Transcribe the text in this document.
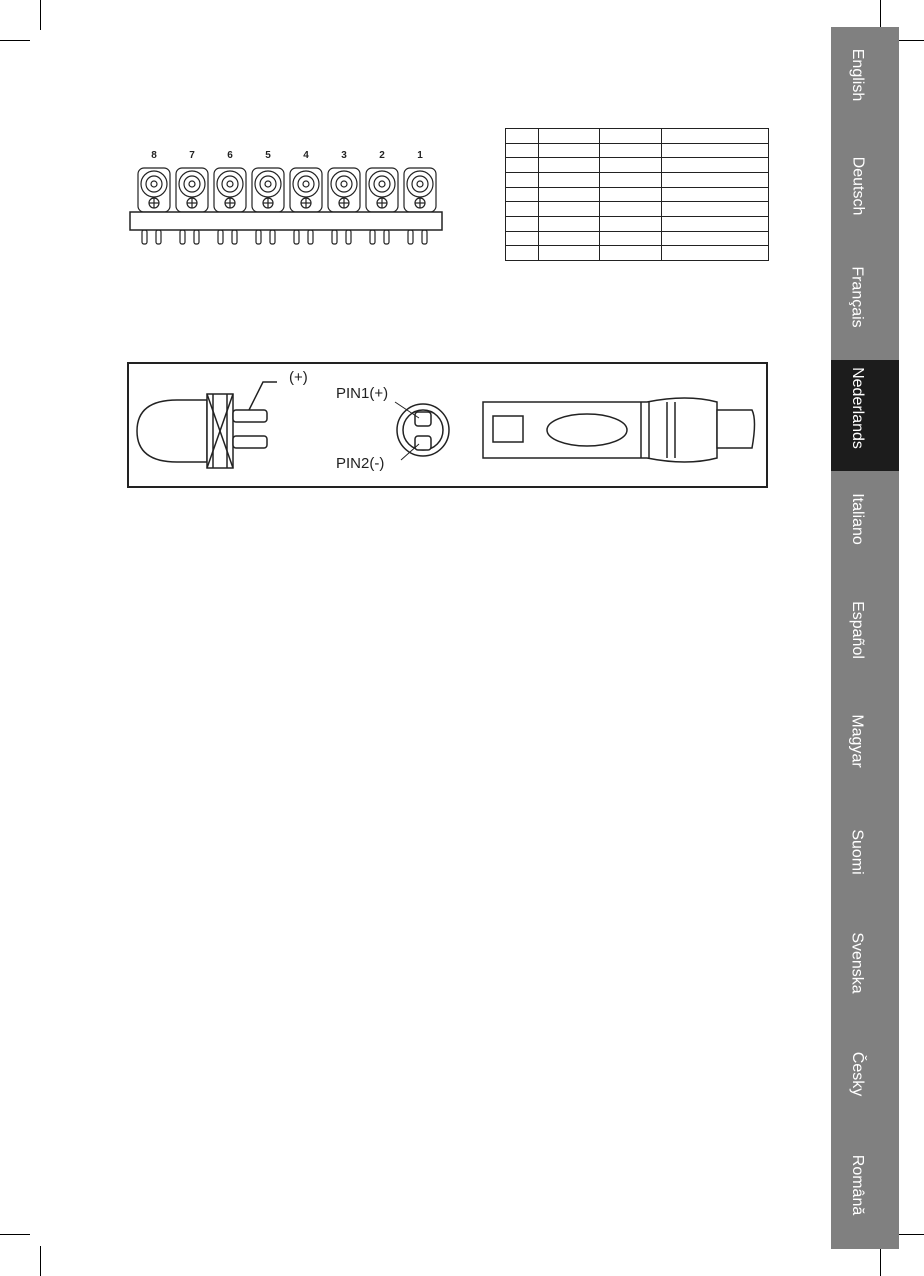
8	7	6	5	4	3	2	1

(+)
PIN1(+)
PIN2(-)
English
Deutsch
Français
Nederlands
Italiano
Español
Magyar
Suomi
Svenska
Česky
Română
